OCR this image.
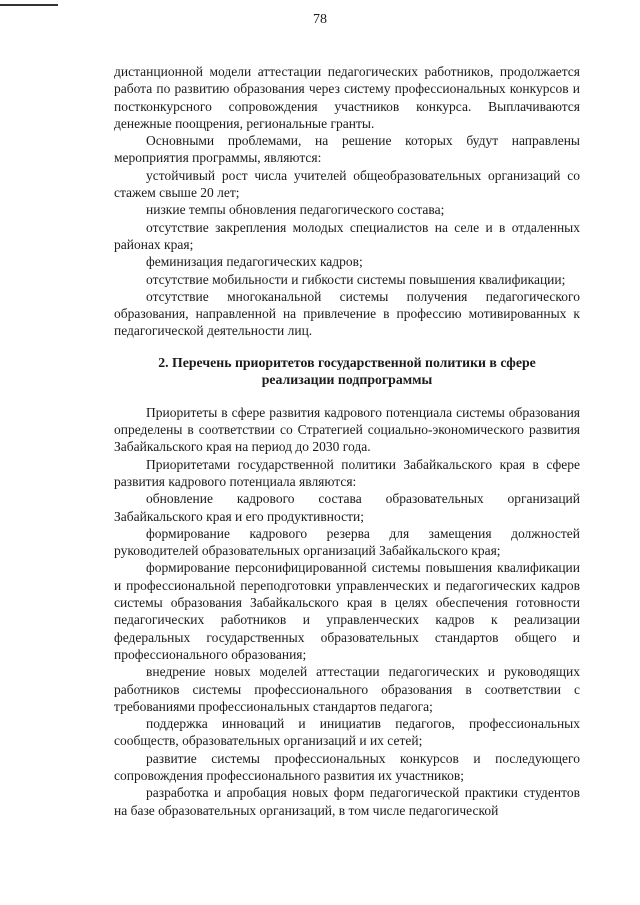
78

дистанционной модели аттестации педагогических работников, продолжается работа по развитию образования через систему профессиональных конкурсов и постконкурсного сопровождения участников конкурса. Выплачиваются денежные поощрения, региональные гранты.

Основными проблемами, на решение которых будут направлены мероприятия программы, являются:

устойчивый рост числа учителей общеобразовательных организаций со стажем свыше 20 лет;

низкие темпы обновления педагогического состава;

отсутствие закрепления молодых специалистов на селе и в отдаленных районах края;

феминизация педагогических кадров;

отсутствие мобильности и гибкости системы повышения квалификации;

отсутствие многоканальной системы получения педагогического образования, направленной на привлечение в профессию мотивированных к педагогической деятельности лиц.

2. Перечень приоритетов государственной политики в сфере реализации подпрограммы

Приоритеты в сфере развития кадрового потенциала системы образования определены в соответствии со Стратегией социально-экономического развития Забайкальского края на период до 2030 года.

Приоритетами государственной политики Забайкальского края в сфере развития кадрового потенциала являются:

обновление кадрового состава образовательных организаций Забайкальского края и его продуктивности;

формирование кадрового резерва для замещения должностей руководителей образовательных организаций Забайкальского края;

формирование персонифицированной системы повышения квалификации и профессиональной переподготовки управленческих и педагогических кадров системы образования Забайкальского края в целях обеспечения готовности педагогических работников и управленческих кадров к реализации федеральных государственных образовательных стандартов общего и профессионального образования;

внедрение новых моделей аттестации педагогических и руководящих работников системы профессионального образования в соответствии с требованиями профессиональных стандартов педагога;

поддержка инноваций и инициатив педагогов, профессиональных сообществ, образовательных организаций и их сетей;

развитие системы профессиональных конкурсов и последующего сопровождения профессионального развития их участников;

разработка и апробация новых форм педагогической практики студентов на базе образовательных организаций, в том числе педагогической
